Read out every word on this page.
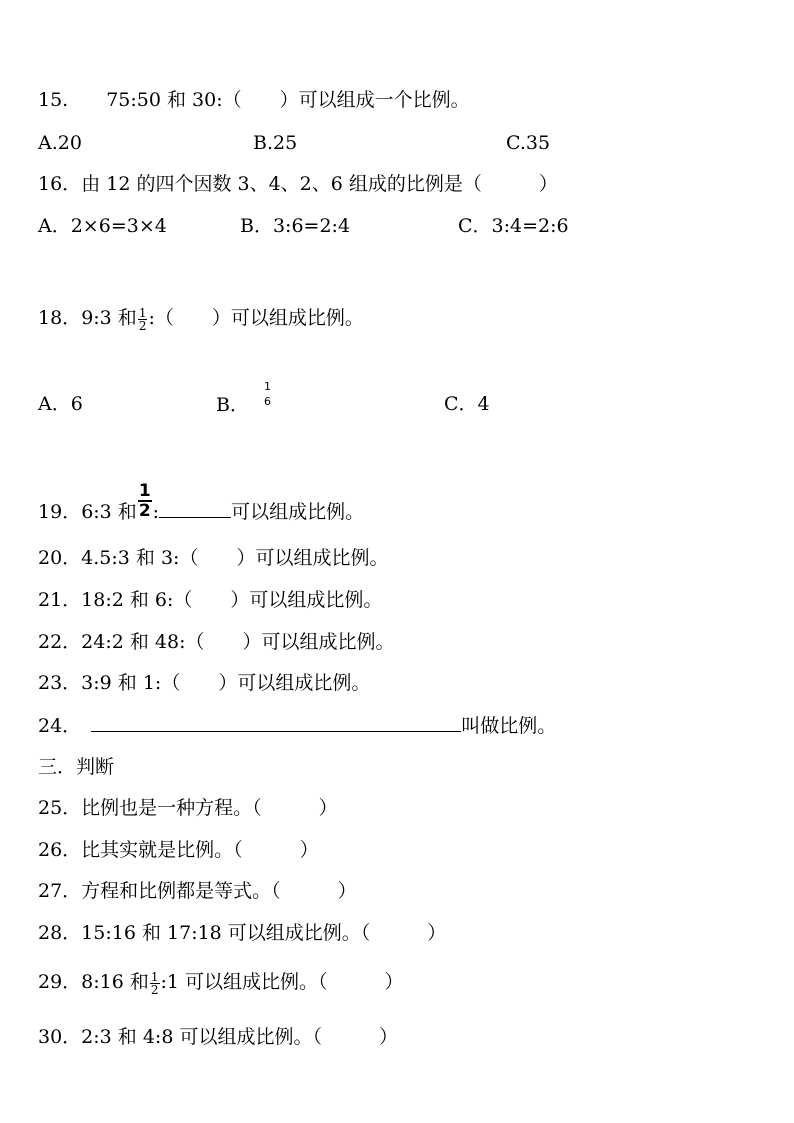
15. 75:50 和 30:（　　）可以组成一个比例。
A.20	B.25	C.35
16．由 12 的四个因数 3、4、2、6 组成的比例是（　　　）
A．2×6=3×4	B．3:6=2:4	C．3:4=2:6
18．9:3 和 $\frac{1}{2}$ :（　　）可以组成比例。
A．6	B．
1
6	C．4
19．6:3 和 $\frac{1}{2}$ :	可以组成比例。
20．4.5:3 和 3:（　　）可以组成比例。
21．18:2 和 6:（　　）可以组成比例。
22．24:2 和 48:（　　）可以组成比例。
23．3:9 和 1:（　　）可以组成比例。
24．	叫做比例。
三．判断
25．比例也是一种方程。（　　　）
26．比其实就是比例。（　　　）
27．方程和比例都是等式。（　　　）
28．15:16 和 17:18 可以组成比例。（　　　）
29．8:16 和 $\frac{1}{2}$ :1 可以组成比例。（　　　）
30．2:3 和 4:8 可以组成比例。（　　　）
